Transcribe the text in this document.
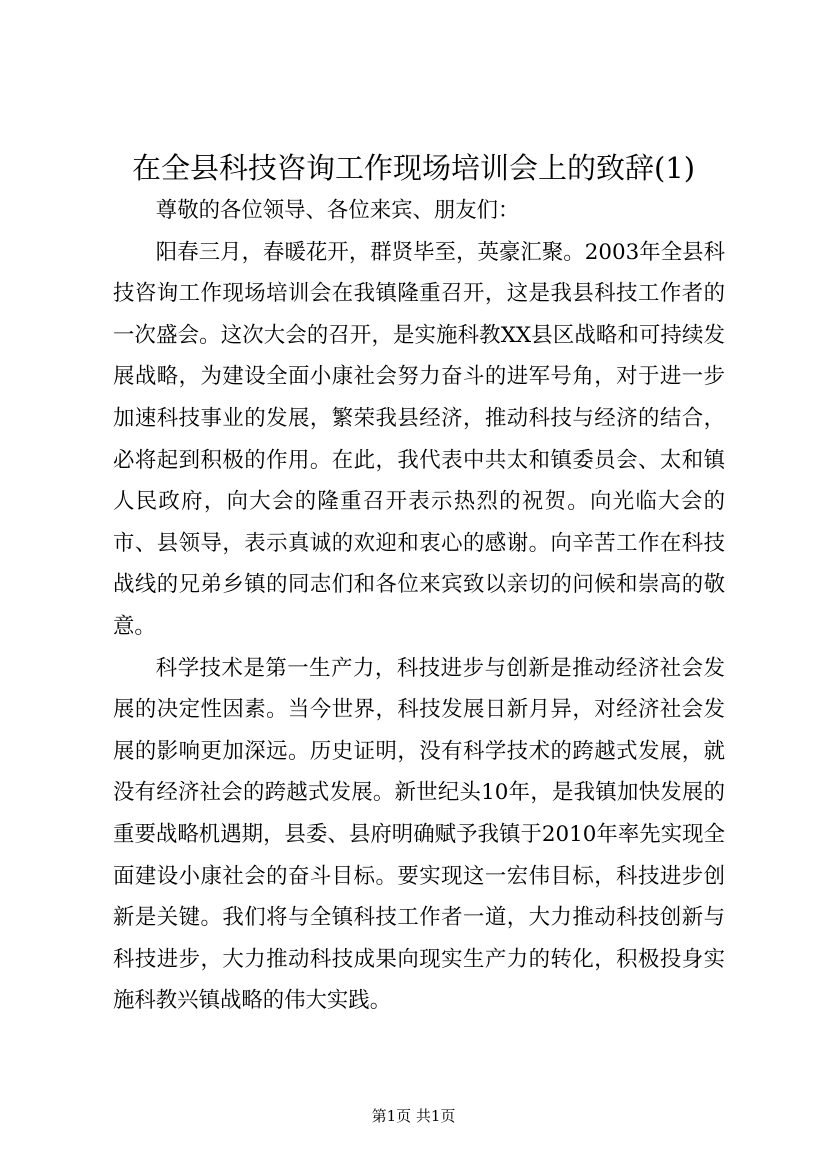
在全县科技咨询工作现场培训会上的致辞(1)

尊敬的各位领导、各位来宾、朋友们：

阳春三月，春暖花开，群贤毕至，英豪汇聚。2003年全县科技咨询工作现场培训会在我镇隆重召开，这是我县科技工作者的一次盛会。这次大会的召开，是实施科教XX县区战略和可持续发展战略，为建设全面小康社会努力奋斗的进军号角，对于进一步加速科技事业的发展，繁荣我县经济，推动科技与经济的结合，必将起到积极的作用。在此，我代表中共太和镇委员会、太和镇人民政府，向大会的隆重召开表示热烈的祝贺。向光临大会的市、县领导，表示真诚的欢迎和衷心的感谢。向辛苦工作在科技战线的兄弟乡镇的同志们和各位来宾致以亲切的问候和崇高的敬意。

科学技术是第一生产力，科技进步与创新是推动经济社会发展的决定性因素。当今世界，科技发展日新月异，对经济社会发展的影响更加深远。历史证明，没有科学技术的跨越式发展，就没有经济社会的跨越式发展。新世纪头10年，是我镇加快发展的重要战略机遇期，县委、县府明确赋予我镇于2010年率先实现全面建设小康社会的奋斗目标。要实现这一宏伟目标，科技进步创新是关键。我们将与全镇科技工作者一道，大力推动科技创新与科技进步，大力推动科技成果向现实生产力的转化，积极投身实施科教兴镇战略的伟大实践。

第1页 共1页
